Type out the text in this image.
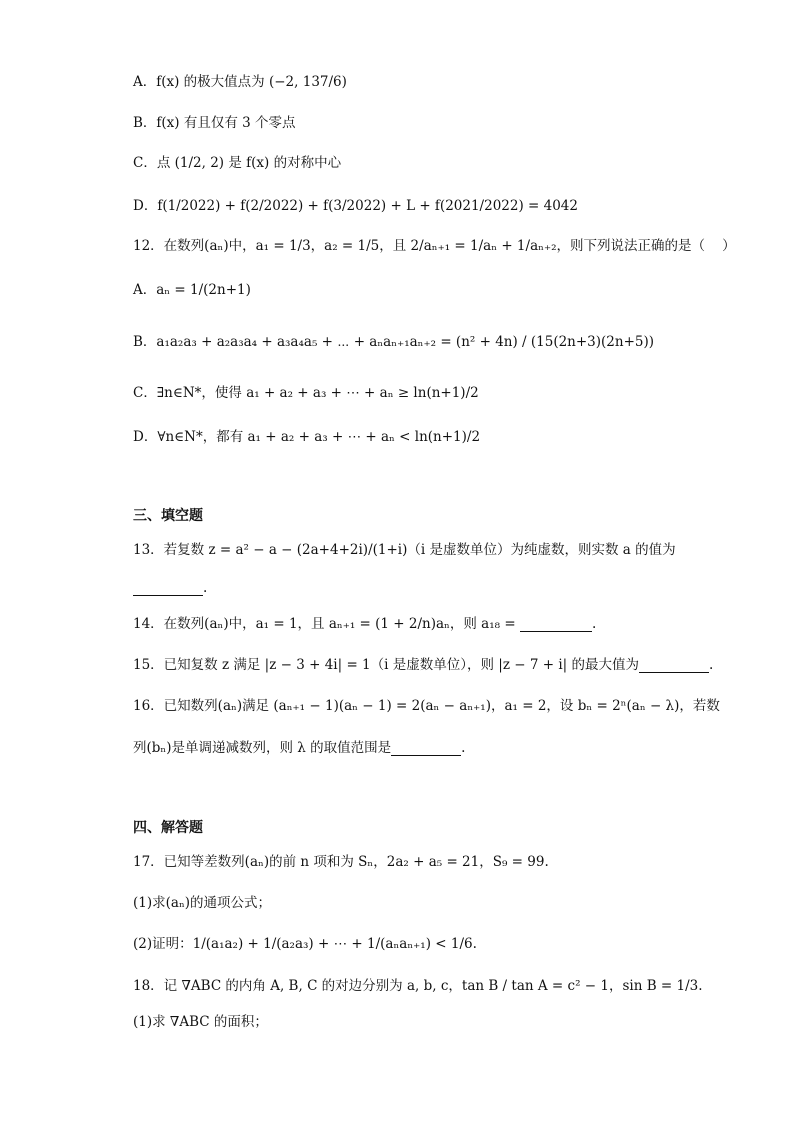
A．f(x) 的极大值点为 (−2, 137/6)
B．f(x) 有且仅有 3 个零点
C．点 (1/2, 2) 是 f(x) 的对称中心
D．f(1/2022) + f(2/2022) + f(3/2022) + L + f(2021/2022) = 4042
12．在数列(aₙ)中，a₁ = 1/3，a₂ = 1/5，且 2/aₙ₊₁ = 1/aₙ + 1/aₙ₊₂，则下列说法正确的是（    ）
A．aₙ = 1/(2n+1)
B．a₁a₂a₃ + a₂a₃a₄ + a₃a₄a₅ + ⋯ + aₙaₙ₊₁aₙ₊₂ = (n² + 4n) / (15(2n+3)(2n+5))
C．∃n∈N*，使得 a₁ + a₂ + a₃ + ⋯ + aₙ ≥ ln(n+1)/2
D．∀n∈N*，都有 a₁ + a₂ + a₃ + ⋯ + aₙ < ln(n+1)/2
三、填空题
13．若复数 z = a² − a − (2a+4+2i)/(1+i)（i 是虚数单位）为纯虚数，则实数 a 的值为
.
14．在数列(aₙ)中，a₁ = 1，且 aₙ₊₁ = (1 + 2/n)aₙ，则 a₁₈ =
	.
15．已知复数 z 满足 |z − 3 + 4i| = 1（i 是虚数单位），则 |z − 7 + i| 的最大值为	.
16．已知数列(aₙ)满足 (aₙ₊₁ − 1)(aₙ − 1) = 2(aₙ − aₙ₊₁)，a₁ = 2，设 bₙ = 2ⁿ(aₙ − λ)，若数
列(bₙ)是单调递减数列，则 λ 的取值范围是	.
四、解答题
17．已知等差数列(aₙ)的前 n 项和为 Sₙ，2a₂ + a₅ = 21，S₉ = 99.
(1)求(aₙ)的通项公式；
(2)证明：1/(a₁a₂) + 1/(a₂a₃) + ⋯ + 1/(aₙaₙ₊₁) < 1/6.
18．记 ∇ABC 的内角 A, B, C 的对边分别为 a, b, c，tan B / tan A = c² − 1，sin B = 1/3.
(1)求 ∇ABC 的面积；
